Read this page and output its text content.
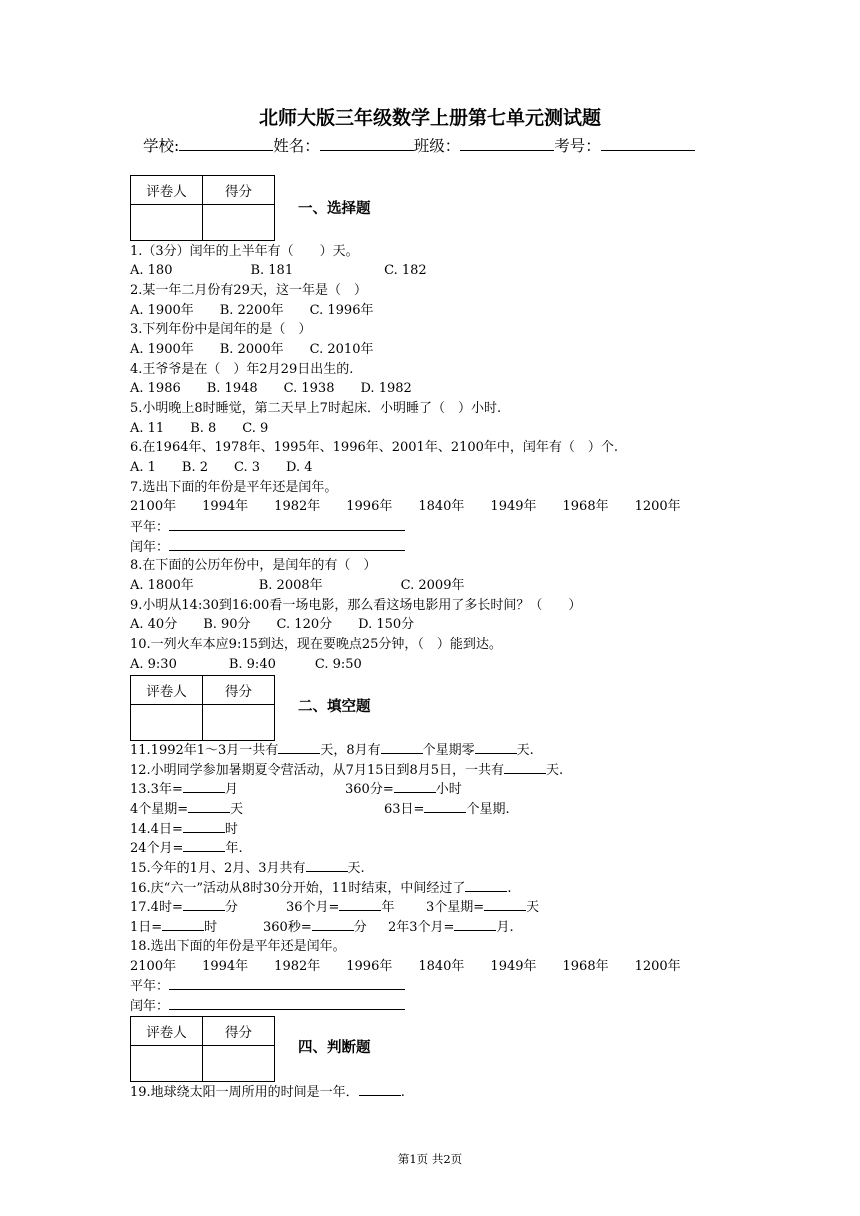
北师大版三年级数学上册第七单元测试题
学校:	姓名：	班级：	考号：
评卷人	得分

一、选择题
1.（3分）闰年的上半年有（　　）天。
A. 180　　　　　　B. 181　　　　　　　C. 182
2.某一年二月份有29天，这一年是（　）
A. 1900年　　B. 2200年　　C. 1996年
3.下列年份中是闰年的是（　）
A. 1900年　　B. 2000年　　C. 2010年
4.王爷爷是在（　）年2月29日出生的.
A. 1986　　B. 1948　　C. 1938　　D. 1982
5.小明晚上8时睡觉，第二天早上7时起床．小明睡了（　）小时.
A. 11　　B. 8　　C. 9
6.在1964年、1978年、1995年、1996年、2001年、2100年中，闰年有（　）个.
A. 1　　B. 2　　C. 3　　D. 4
7.选出下面的年份是平年还是闰年。
2100年　　1994年　　1982年　　1996年　　1840年　　1949年　　1968年　　1200年
平年：
闰年：
8.在下面的公历年份中，是闰年的有（　）
A. 1800年　　　　　B. 2008年　　　　　　C. 2009年
9.小明从14:30到16:00看一场电影，那么看这场电影用了多长时间？（　　）
A. 40分　　B. 90分　　C. 120分　　D. 150分
10.一列火车本应9:15到达，现在要晚点25分钟，（　）能到达。
A. 9:30　　　　B. 9:40　　　C. 9:50
评卷人	得分

二、填空题
11.1992年1～3月一共有	天，8月有	个星期零	天.
12.小明同学参加暑期夏令营活动，从7月15日到8月5日，一共有	天.
13.3年=	月	360分=	小时
4个星期=	天	63日=	个星期.
14.4日=	时
24个月=	年.
15.今年的1月、2月、3月共有	天.
16.庆“六一”活动从8时30分开始，11时结束，中间经过了	.
17.4时=	分	36个月=	年 3个星期=	天
1日=	时	360秒=	分 2年3个月=	月.
18.选出下面的年份是平年还是闰年。
2100年　　1994年　　1982年　　1996年　　1840年　　1949年　　1968年　　1200年
平年：
闰年：
评卷人	得分

四、判断题
19.地球绕太阳一周所用的时间是一年．	.
第1页 共2页
